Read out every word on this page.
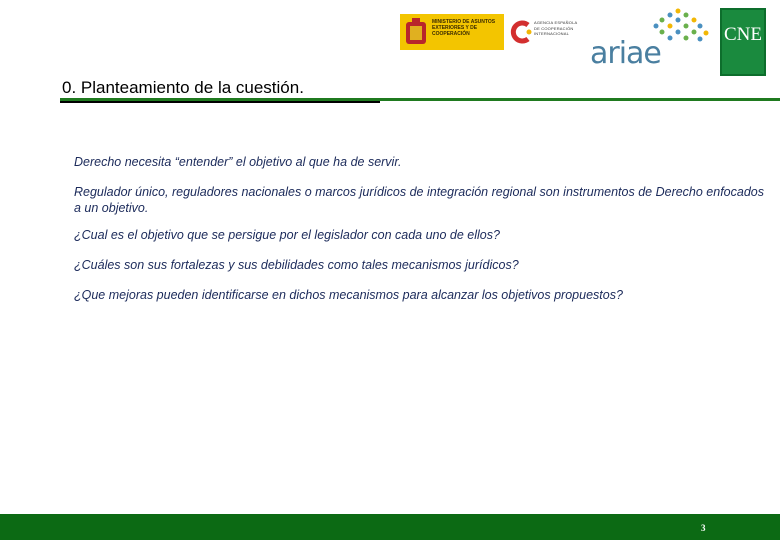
MINISTERIO DE ASUNTOS EXTERIORES Y DE COOPERACIÓN
AGENCIA ESPAÑOLA DE COOPERACIÓN INTERNACIONAL
ariae
CNE
0. Planteamiento de la cuestión.

Derecho necesita “entender” el objetivo al que ha de servir.

Regulador único, reguladores nacionales o marcos jurídicos de integración regional son instrumentos de Derecho enfocados a un objetivo.

¿Cual es el objetivo que se persigue por el legislador con cada uno de ellos?

¿Cuáles son sus fortalezas y sus debilidades como tales mecanismos jurídicos?

¿Que mejoras pueden identificarse en dichos mecanismos para alcanzar los objetivos propuestos?

3
